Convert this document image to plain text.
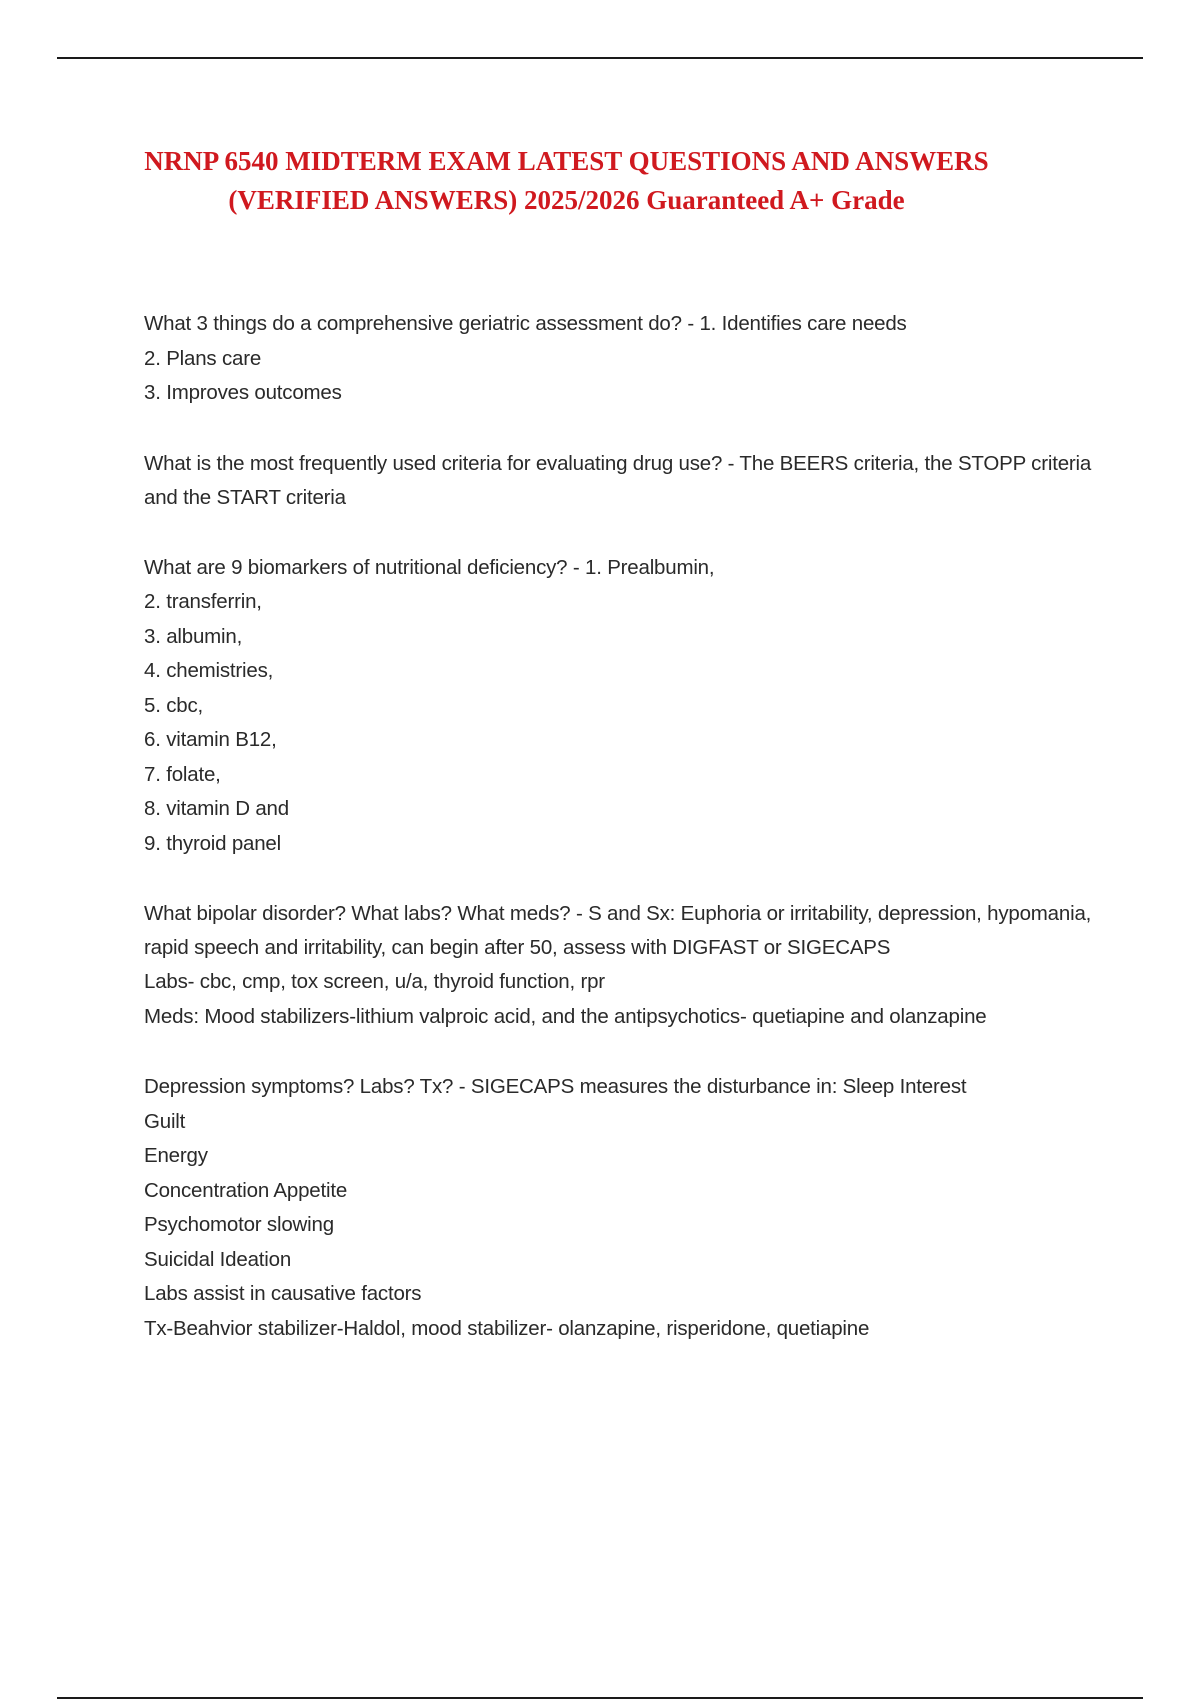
NRNP 6540 MIDTERM EXAM LATEST QUESTIONS AND ANSWERS
(VERIFIED ANSWERS) 2025/2026 Guaranteed A+ Grade
What 3 things do a comprehensive geriatric assessment do? - 1. Identifies care needs
2. Plans care
3. Improves outcomes
What is the most frequently used criteria for evaluating drug use? - The BEERS criteria, the STOPP criteria and the START criteria
What are 9 biomarkers of nutritional deficiency? - 1. Prealbumin,
2. transferrin,
3. albumin,
4. chemistries,
5. cbc,
6. vitamin B12,
7. folate,
8. vitamin D and
9. thyroid panel
What bipolar disorder? What labs? What meds? - S and Sx: Euphoria or irritability, depression, hypomania, rapid speech and irritability, can begin after 50, assess with DIGFAST or SIGECAPS
Labs- cbc, cmp, tox screen, u/a, thyroid function, rpr
Meds: Mood stabilizers-lithium valproic acid, and the antipsychotics- quetiapine and olanzapine
Depression symptoms? Labs? Tx? - SIGECAPS measures the disturbance in: Sleep Interest
Guilt
Energy
Concentration Appetite
Psychomotor slowing
Suicidal Ideation
Labs assist in causative factors
Tx-Beahvior stabilizer-Haldol, mood stabilizer- olanzapine, risperidone, quetiapine
